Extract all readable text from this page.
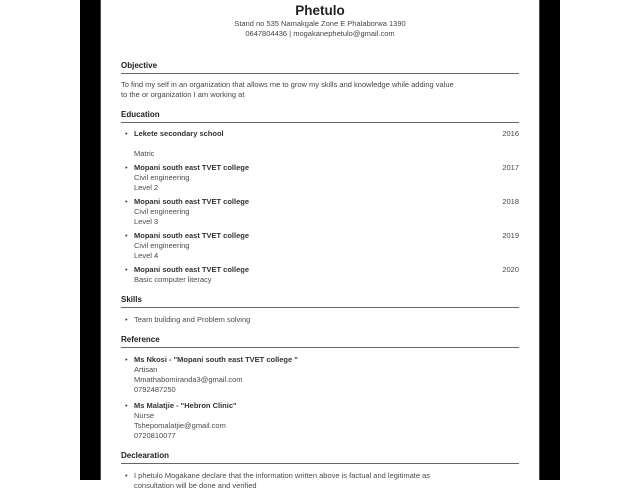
Phetulo
Stand no 535 Namakgale Zone E Phalaborwa 1390
0647804436 | mogakanephetulo@gmail.com
Objective
To find my self in an organization that allows me to grow my skills and knowledge while adding value
to the or organization I am working at
Education
• Lekete secondary school	2016
Matric
• Mopani south east TVET college	2017
Civil engineering
Level 2
• Mopani south east TVET college	2018
Civil engineering
Level 3
• Mopani south east TVET college	2019
Civil engineering
Level 4
• Mopani south east TVET college	2020
Basic computer literacy
Skills
• Team building and Problem solving
Reference
• Ms Nkosi - "Mopani south east TVET college "
Artisan
Mmathabomiranda3@gmail.com
0792487250
• Ms Malatjie - "Hebron Clinic"
Nurse
Tshepomalatjie@gmail.com
0720810077
Declearation
• I phetulo Mogakane declare that the information written above is factual and legitimate as
consultation will be done and verified
